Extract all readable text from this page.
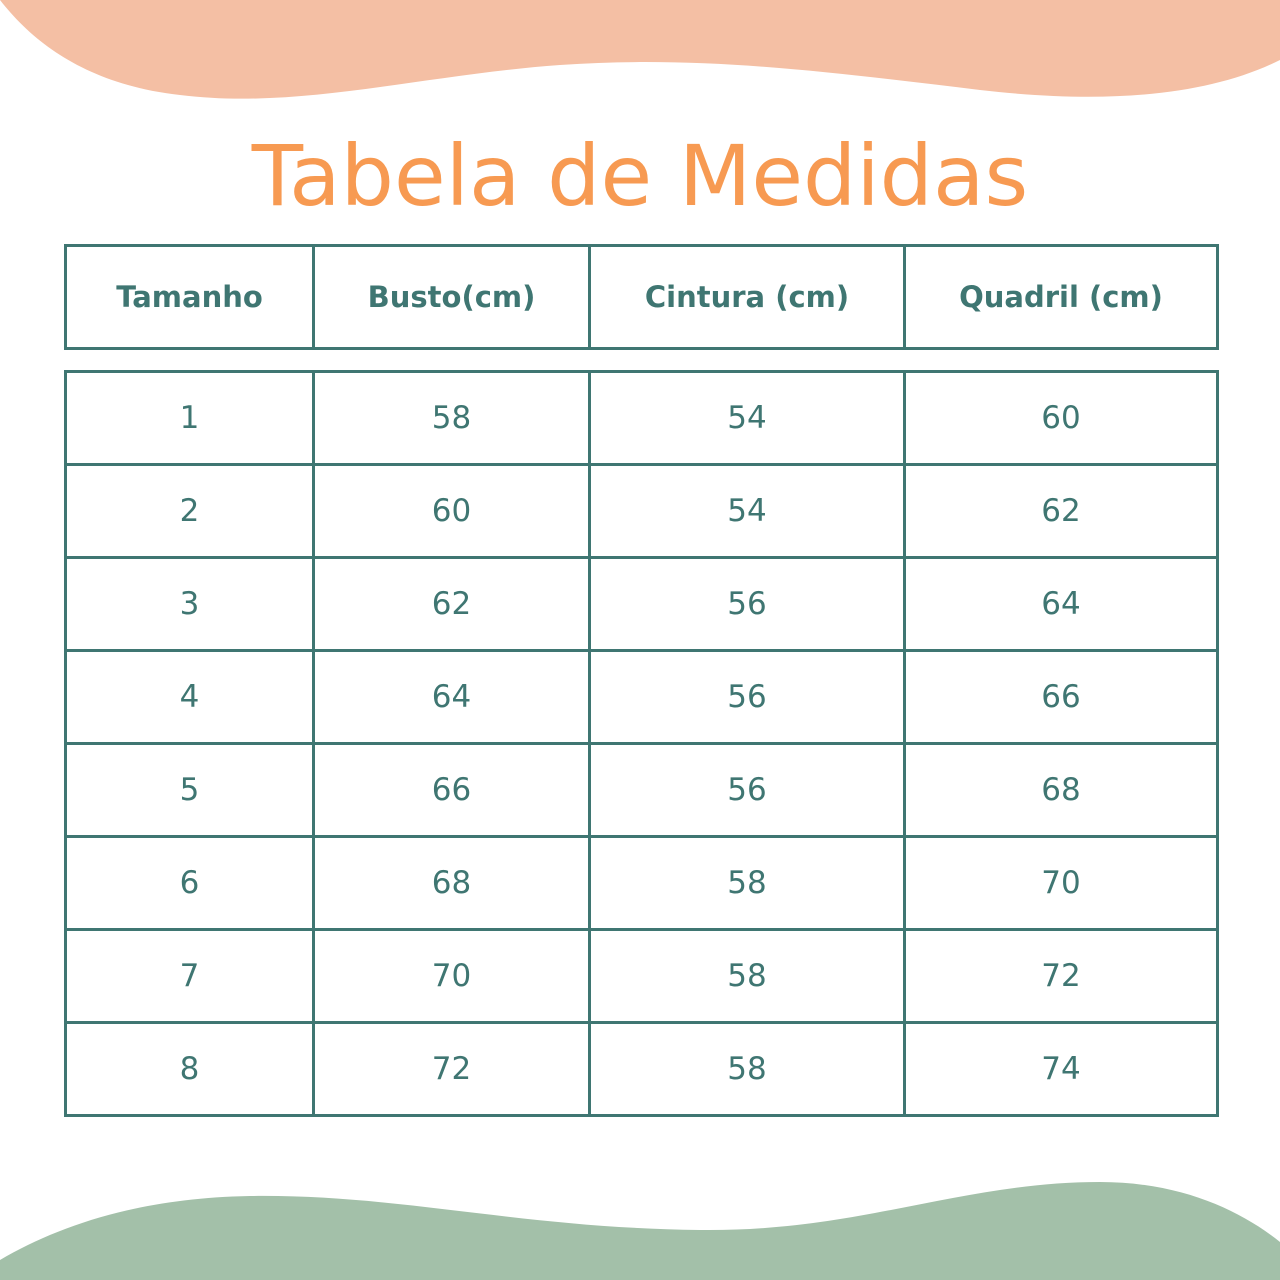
Tabela de Medidas
Tamanho	Busto(cm)	Cintura (cm)	Quadril (cm)
1	58	54	60
2	60	54	62
3	62	56	64
4	64	56	66
5	66	56	68
6	68	58	70
7	70	58	72
8	72	58	74
